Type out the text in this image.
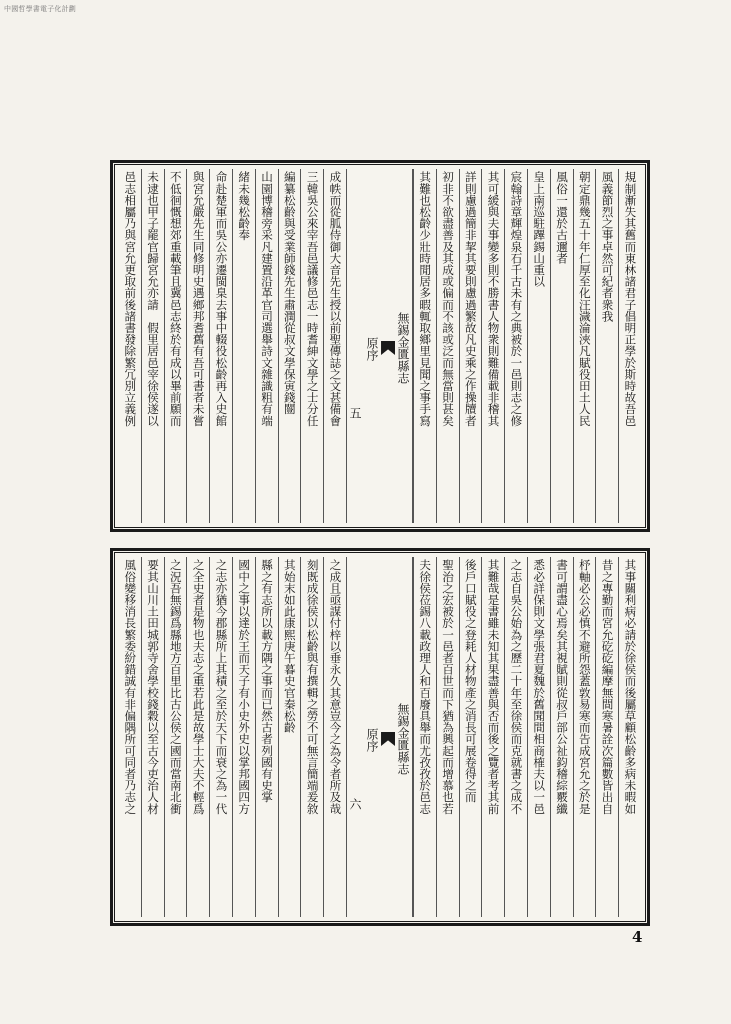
中國哲學書電子化計劃
規制漸失其舊而東林諸君子倡明正學於斯時故吾邑
風義節烈之事卓然可紀者衆我
朝定鼎幾五十年仁厚至化汪濊淪浹凡賦役田土人民
風俗一還於古邇者
皇上南巡駐蹕錫山重以
宸翰詩章輝煌泉石千古未有之典被於一邑則志之修
其可緩與夫事變多則不勝書人物衆則難備載非稽其
詳則慮過簡非挈其要則慮過繁故凡史乘之作操牘者
初非不欲盡善及其成或偏而不該或泛而無當則甚矣
其難也松齡少壯時閒居多暇輒取鄉里見聞之事手寫
無錫金匱縣志
原序
五
成帙而從胍侍御大音先生授以前聖傳誌之文甚備會
三韓吳公來宰吾邑議修邑志一時耆紳文學之士分任
編纂松齡與受業師錢先生肅潤從叔文學保寅錢闓
山園博稽旁采凡建置沿革官司選舉詩文雜識粗有端
緒未幾松齡奉
命赴楚軍而吳公亦遷閩臬去事中輟役松齡再入史館
與宮允嚴先生同修明史遇鄉邦耆舊有吾可書者未嘗
不低徊慨想郊重載筆且冀邑志終於有成以畢前願而
未逮也甲子罷官歸宮允亦請　假里居邑宰徐侯遂以
邑志相屬乃與宮允更取前後諸書發除繁冗別立義例
其事關利病必請於徐侯而後屬草顧松齡多病未暇如
昔之專勤而宮允矻矻編摩無間寒暑詮次篇數皆出自
杼軸必公必慎不避所怨蓋敦易寒而告成宮允之於是
書可謂盡心焉矣其視賦則從叔戶部公祉鈞稽綜覈纖
悉必詳保則文學張君夏魏於舊聞間相商榷夫以一邑
之志自吳公始為之歷二十年至徐侯而克就書之成不
其難哉是書雖未知其果盡善與否而後之覽者考其前
後戶口賦役之登耗人材物產之消長可展卷得之而
聖治之宏被於一邑者百世而下猶為興起而增慕也若
夫徐侯莅錫八載政理人和百廢具舉而尤孜孜於邑志
無錫金匱縣志
原序
六
之成且亟謀付梓以垂永久其意豈今之為令者所及哉
刻既成徐侯以松齡與有撰輯之勞不可無言簡端爰敘
其始末如此康熙庚午暮史官秦松齡
縣之有志所以載方隅之事而已然古者列國有史掌
國中之事以達於王而天子有小史外史以掌邦國四方
之志亦猶今郡縣所上其積之至於天下而衰之為一代
之全史者是物也夫志之重若此是故學士大夫不輕爲
之況吾無錫爲縣地方百里比古公侯之國而當南北衝
要其山川土田城郭寺舍學校錢穀以至古今吏治人材
風俗變移消長繁委紛錯誠有非偏隅所可同者乃志之
4
